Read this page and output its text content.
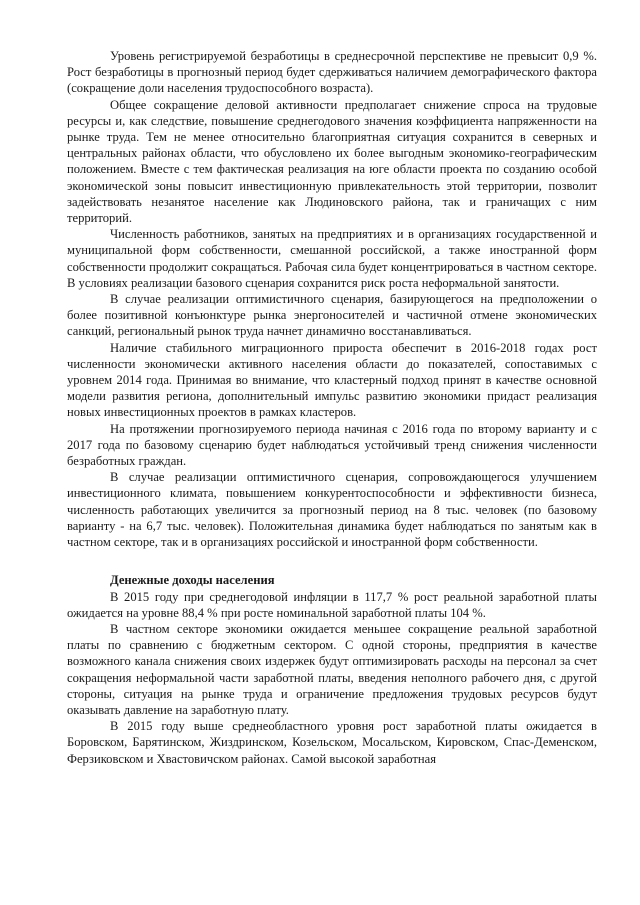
Уровень регистрируемой безработицы в среднесрочной перспективе не превысит 0,9 %. Рост безработицы в прогнозный период будет сдерживаться наличием демографического фактора (сокращение доли населения трудоспособного возраста).

Общее сокращение деловой активности предполагает снижение спроса на трудовые ресурсы и, как следствие, повышение среднегодового значения коэффициента напряженности на рынке труда. Тем не менее относительно благоприятная ситуация сохранится в северных и центральных районах области, что обусловлено их более выгодным экономико-географическим положением. Вместе с тем фактическая реализация на юге области проекта по созданию особой экономической зоны повысит инвестиционную привлекательность этой территории, позволит задействовать незанятое население как Людиновского района, так и граничащих с ним территорий.

Численность работников, занятых на предприятиях и в организациях государственной и муниципальной форм собственности, смешанной российской, а также иностранной форм собственности продолжит сокращаться. Рабочая сила будет концентрироваться в частном секторе. В условиях реализации базового сценария сохранится риск роста неформальной занятости.

В случае реализации оптимистичного сценария, базирующегося на предположении о более позитивной конъюнктуре рынка энергоносителей и частичной отмене экономических санкций, региональный рынок труда начнет динамично восстанавливаться.

Наличие стабильного миграционного прироста обеспечит в 2016-2018 годах рост численности экономически активного населения области до показателей, сопоставимых с уровнем 2014 года. Принимая во внимание, что кластерный подход принят в качестве основной модели развития региона, дополнительный импульс развитию экономики придаст реализация новых инвестиционных проектов в рамках кластеров.

На протяжении прогнозируемого периода начиная с 2016 года по второму варианту и с 2017 года по базовому сценарию будет наблюдаться устойчивый тренд снижения численности безработных граждан.

В случае реализации оптимистичного сценария, сопровождающегося улучшением инвестиционного климата, повышением конкурентоспособности и эффективности бизнеса, численность работающих увеличится за прогнозный период на 8 тыс. человек (по базовому варианту - на 6,7 тыс. человек). Положительная динамика будет наблюдаться по занятым как в частном секторе, так и в организациях российской и иностранной форм собственности.

Денежные доходы населения

В 2015 году при среднегодовой инфляции в 117,7 % рост реальной заработной платы ожидается на уровне 88,4 % при росте номинальной заработной платы 104 %.

В частном секторе экономики ожидается меньшее сокращение реальной заработной платы по сравнению с бюджетным сектором. С одной стороны, предприятия в качестве возможного канала снижения своих издержек будут оптимизировать расходы на персонал за счет сокращения неформальной части заработной платы, введения неполного рабочего дня, с другой стороны, ситуация на рынке труда и ограничение предложения трудовых ресурсов будут оказывать давление на заработную плату.

В 2015 году выше среднеобластного уровня рост заработной платы ожидается в Боровском, Барятинском, Жиздринском, Козельском, Мосальском, Кировском, Спас-Деменском, Ферзиковском и Хвастовичском районах. Самой высокой заработная
